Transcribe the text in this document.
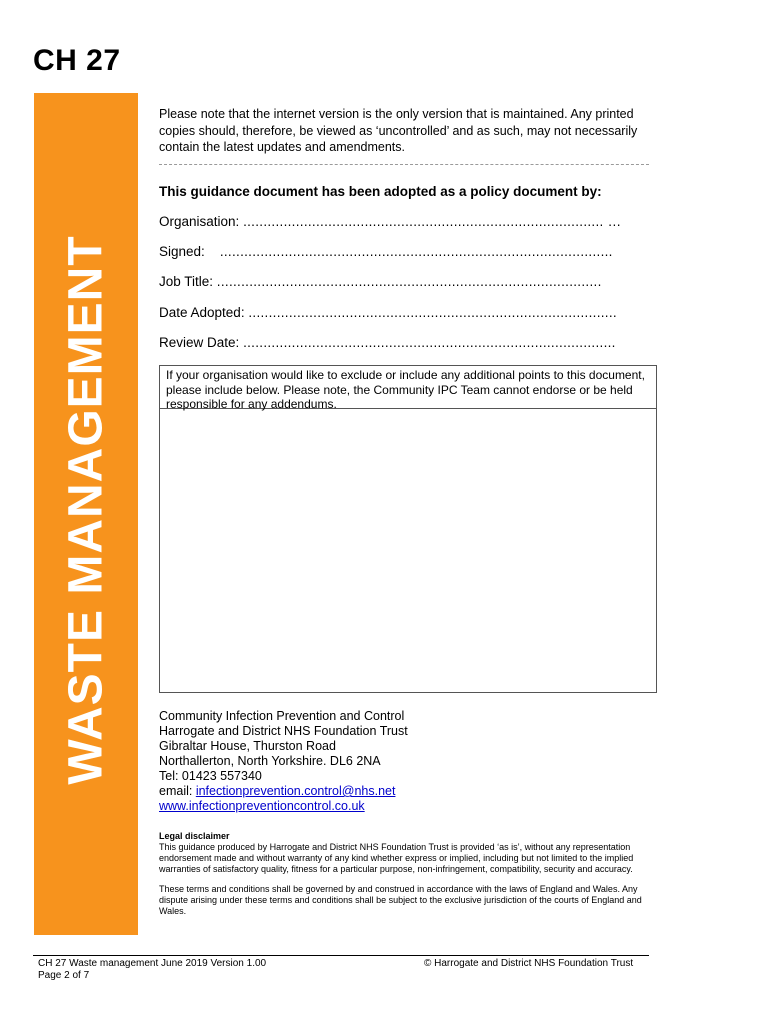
CH 27
WASTE MANAGEMENT
Please note that the internet version is the only version that is maintained. Any printed copies should, therefore, be viewed as ‘uncontrolled’ and as such, may not necessarily contain the latest updates and amendments.
This guidance document has been adopted as a policy document by:
Organisation: ......................................................................................... …
Signed: .................................................................................................
Job Title: ...............................................................................................
Date Adopted: ...........................................................................................
Review Date: ............................................................................................
If your organisation would like to exclude or include any additional points to this document, please include below. Please note, the Community IPC Team cannot endorse or be held responsible for any addendums.
Community Infection Prevention and Control
Harrogate and District NHS Foundation Trust
Gibraltar House, Thurston Road
Northallerton, North Yorkshire. DL6 2NA
Tel: 01423 557340
email: infectionprevention.control@nhs.net
www.infectionpreventioncontrol.co.uk
Legal disclaimer

This guidance produced by Harrogate and District NHS Foundation Trust is provided ‘as is’, without any representation endorsement made and without warranty of any kind whether express or implied, including but not limited to the implied warranties of satisfactory quality, fitness for a particular purpose, non-infringement, compatibility, security and accuracy.

These terms and conditions shall be governed by and construed in accordance with the laws of England and Wales. Any dispute arising under these terms and conditions shall be subject to the exclusive jurisdiction of the courts of England and Wales.

CH 27 Waste management June 2019 Version 1.00
Page 2 of 7
© Harrogate and District NHS Foundation Trust
